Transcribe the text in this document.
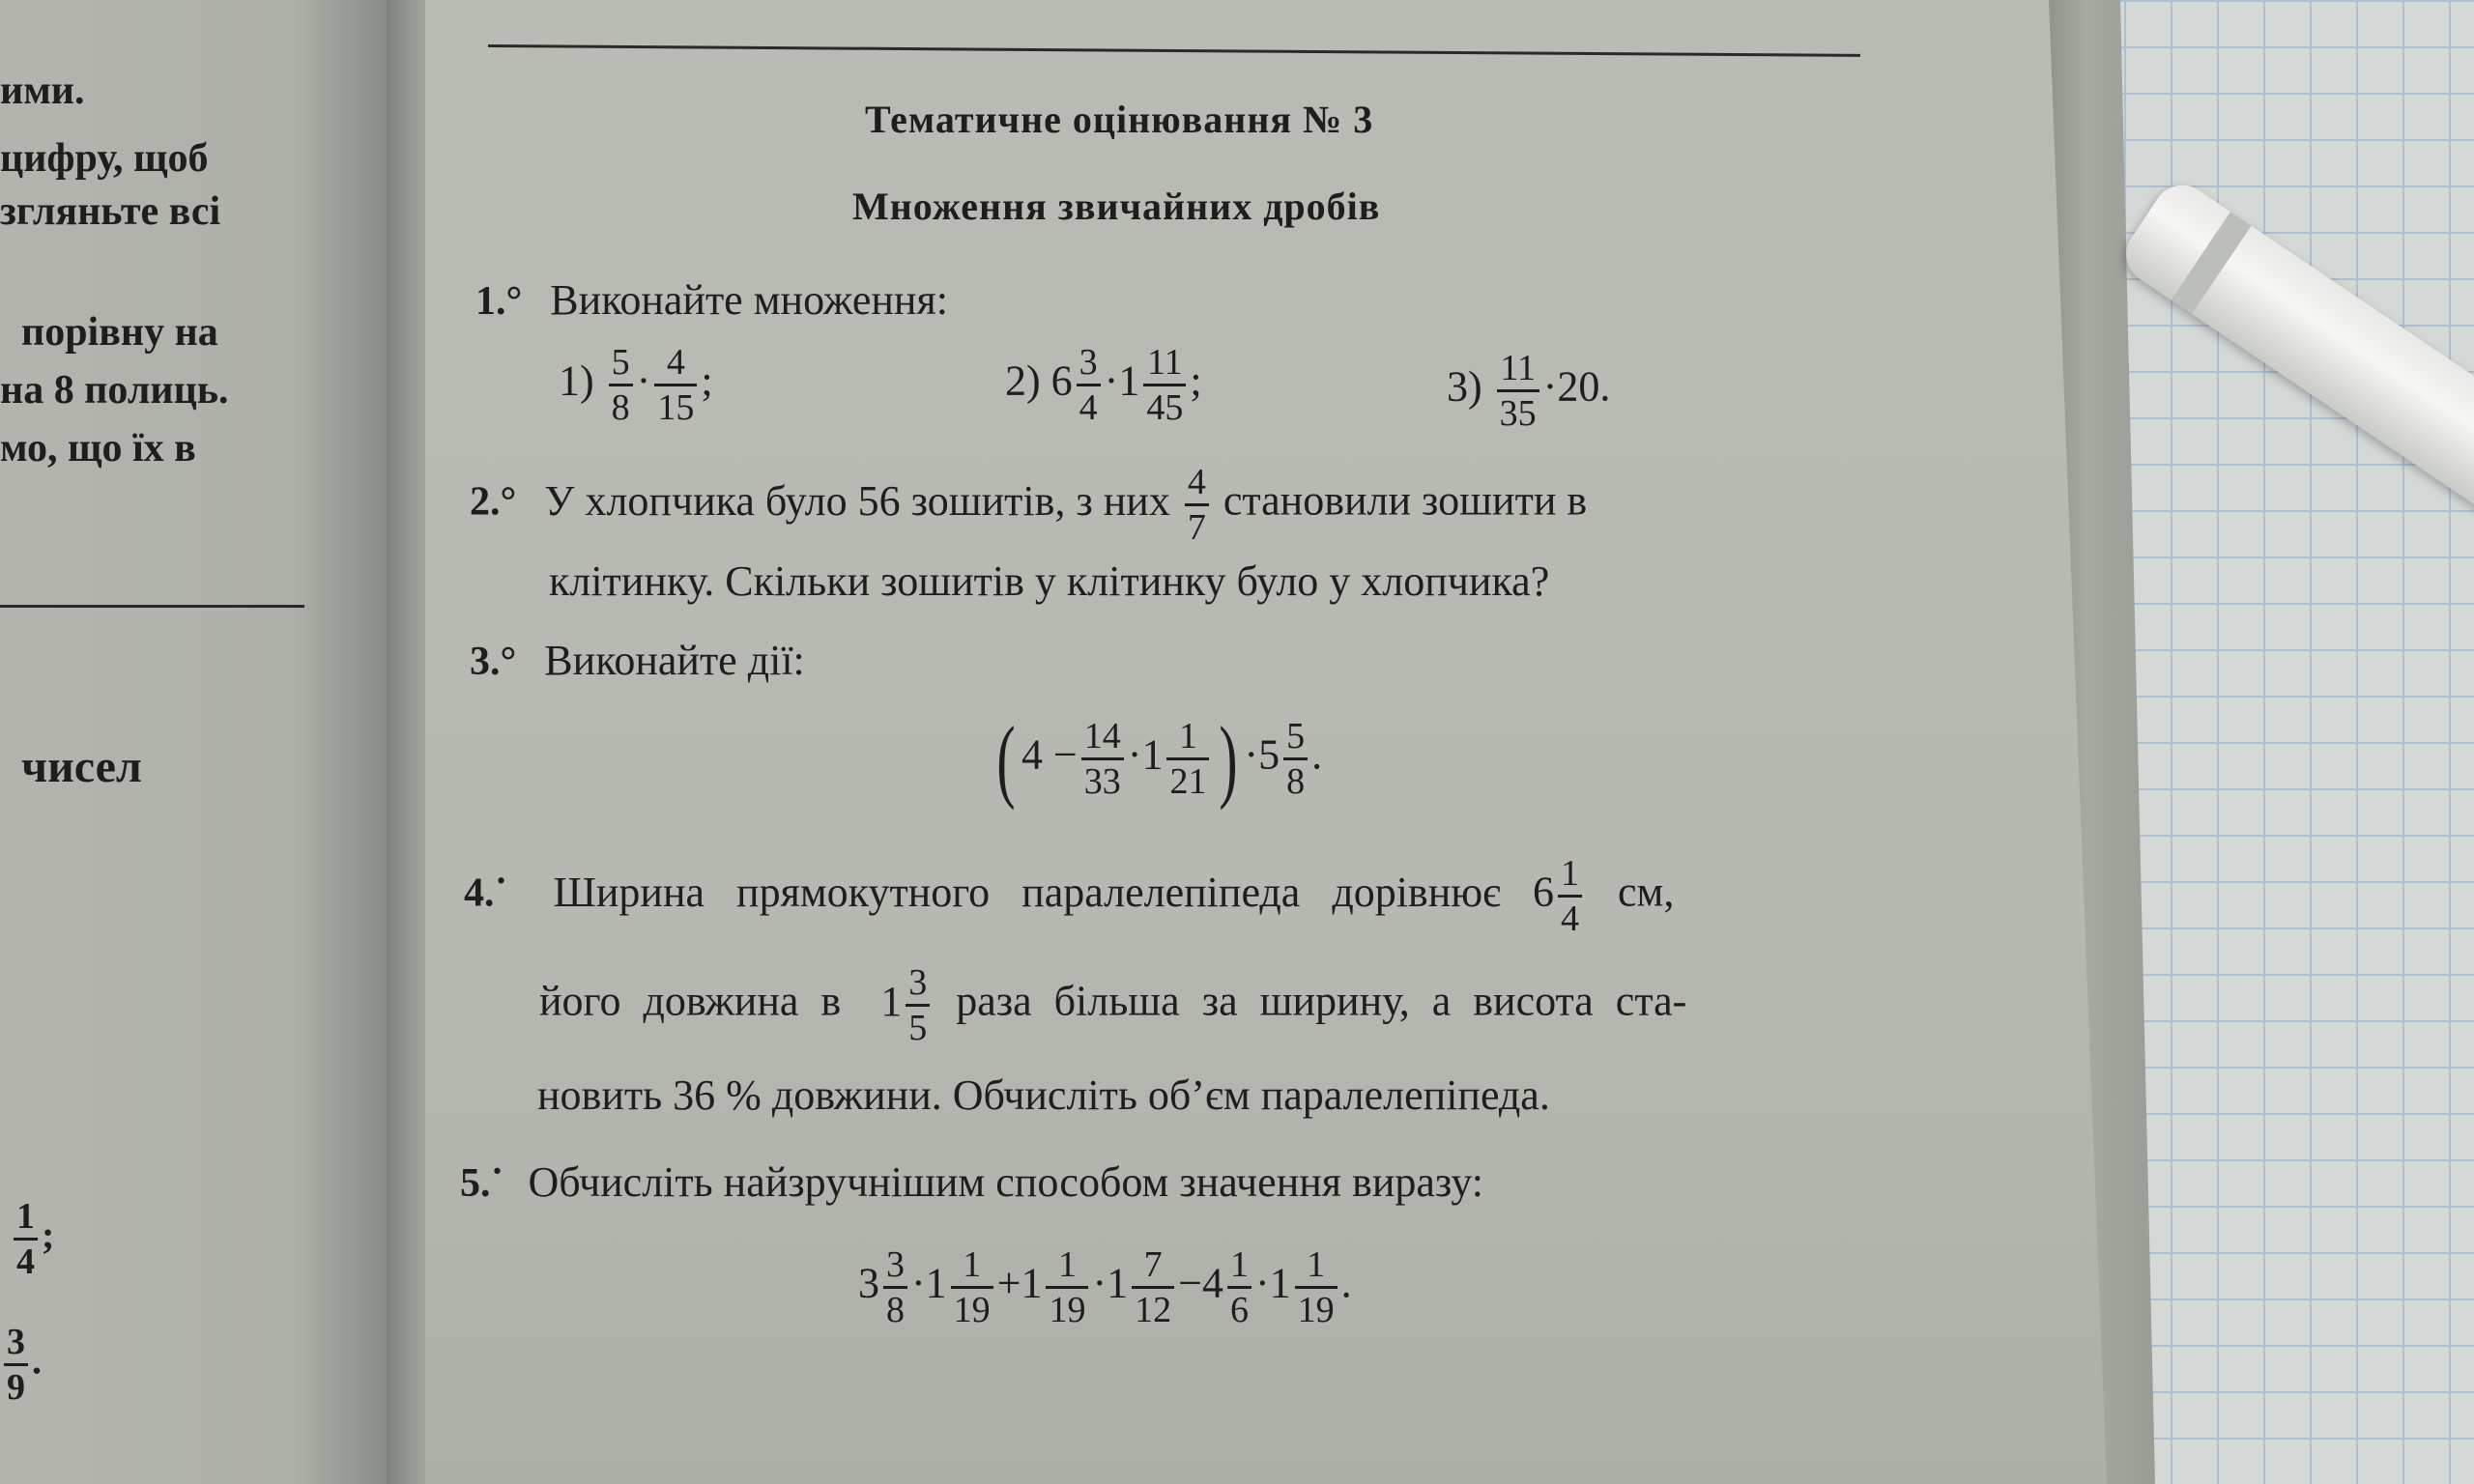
ими.
цифру, щоб
згляньте всі
порівну на
на 8 полиць.
мо, що їх в
чисел
$\frac{1}{4}$ ;
$\frac{3}{9}$ .
Тематичне оцінювання № 3
Множення звичайних дробів
1.° Виконайте множення:
$1) \frac{5}{8} \cdot \frac{4}{15}$ ;	2) $6 \frac{3}{4} \cdot 1 \frac{11}{45}$ ;	$3) \frac{11}{35} \cdot 20$.
2.° У хлопчика було 56 зошитів, з них $\frac{4}{7}$ становили зошити в
клітинку. Скільки зошитів у клітинку було у хлопчика?
3.° Виконайте дії:
( $4 - \frac{14}{33} \cdot 1 \frac{1}{21}$ ) $\cdot 5 \frac{5}{8}$ .
4.˙ Ширина прямокутного паралелепіпеда дорівнює $6 \frac{1}{4}$ см,
його довжина в $1 \frac{3}{5}$ раза більша за ширину, а висота ста-
новить 36 % довжини. Обчисліть об’єм паралелепіпеда.
5.˙ Обчисліть найзручнішим способом значення виразу:
$3 \frac{3}{8} \cdot 1 \frac{1}{19} +1 \frac{1}{19} \cdot 1 \frac{7}{12} -4 \frac{1}{6} \cdot 1 \frac{1}{19}$ .
